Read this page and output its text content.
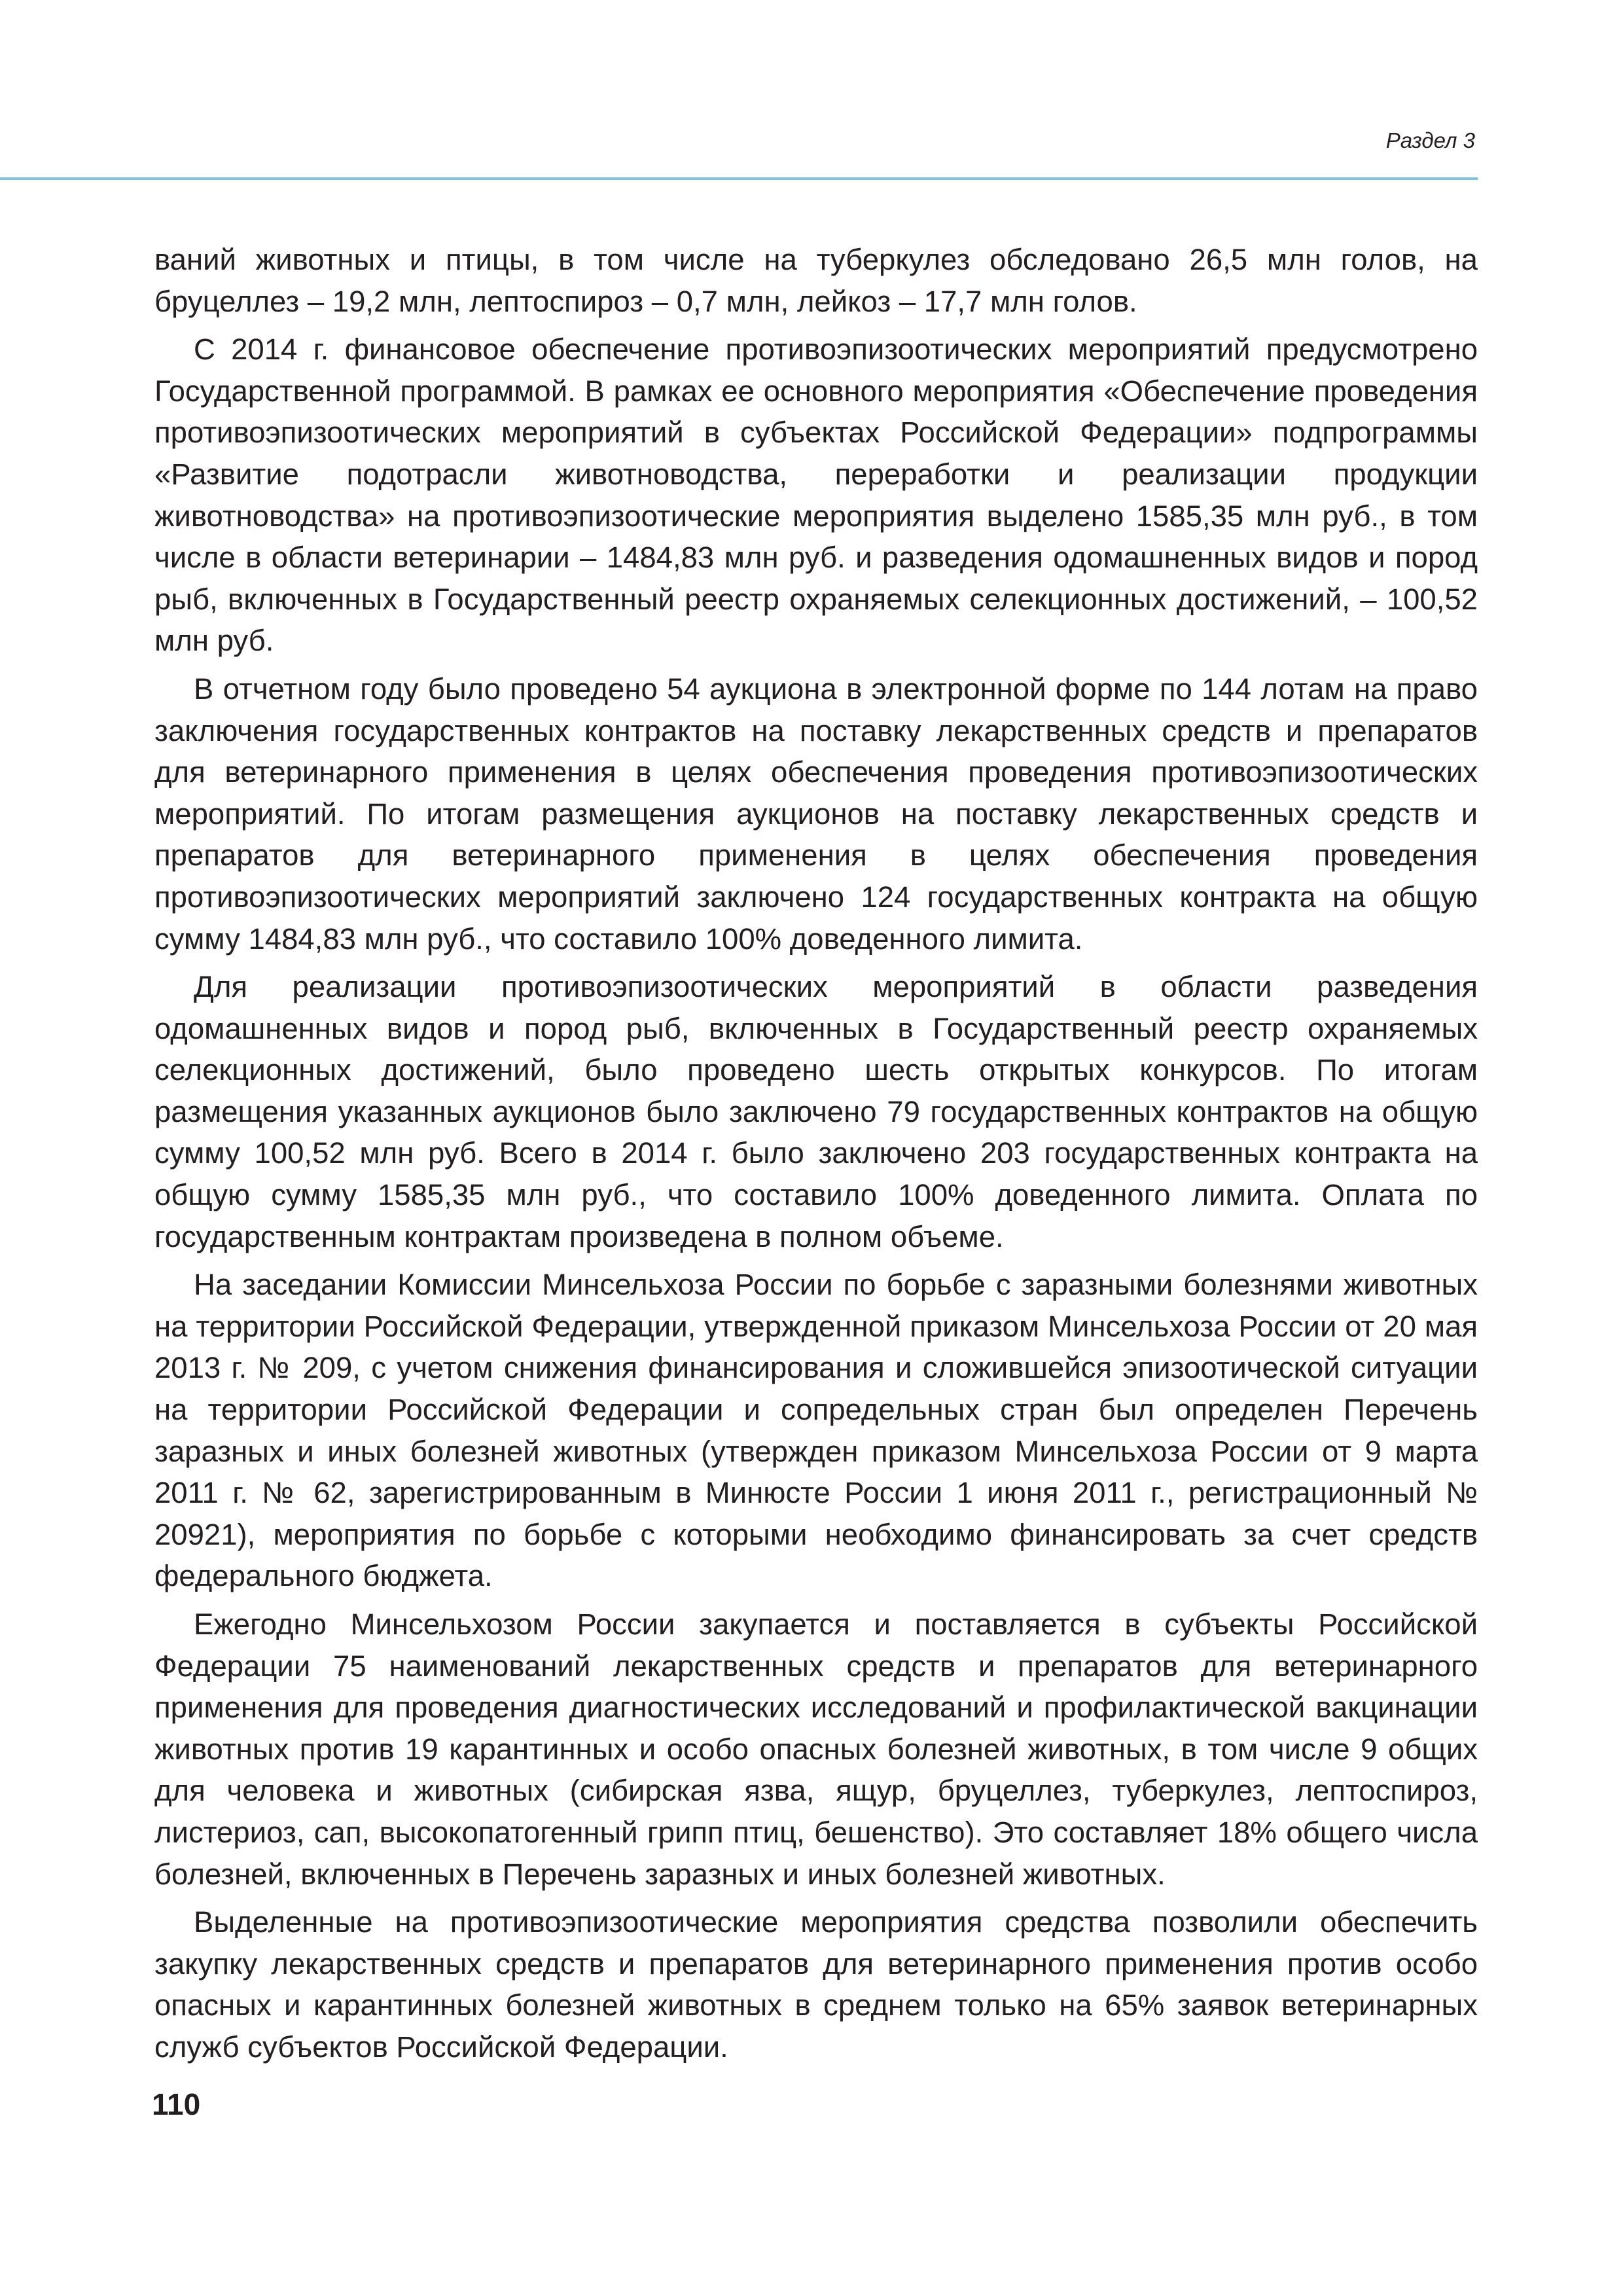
Раздел 3

ваний животных и птицы, в том числе на туберкулез обследовано 26,5 млн голов, на бруцеллез – 19,2 млн, лептоспироз – 0,7 млн, лейкоз – 17,7 млн голов.

С 2014 г. финансовое обеспечение противоэпизоотических мероприятий предусмотрено Государственной программой. В рамках ее основного мероприятия «Обеспечение проведения противоэпизоотических мероприятий в субъектах Российской Федерации» подпрограммы «Развитие подотрасли животноводства, переработки и реализации продукции животноводства» на противоэпизоотические мероприятия выделено 1585,35 млн руб., в том числе в области ветеринарии – 1484,83 млн руб. и разведения одомашненных видов и пород рыб, включенных в Государственный реестр охраняемых селекционных достижений, – 100,52 млн руб.

В отчетном году было проведено 54 аукциона в электронной форме по 144 лотам на право заключения государственных контрактов на поставку лекарственных средств и препаратов для ветеринарного применения в целях обеспечения проведения противоэпизоотических мероприятий. По итогам размещения аукционов на поставку лекарственных средств и препаратов для ветеринарного применения в целях обеспечения проведения противоэпизоотических мероприятий заключено 124 государственных контракта на общую сумму 1484,83 млн руб., что составило 100% доведенного лимита.

Для реализации противоэпизоотических мероприятий в области разведения одомашненных видов и пород рыб, включенных в Государственный реестр охраняемых селекционных достижений, было проведено шесть открытых конкурсов. По итогам размещения указанных аукционов было заключено 79 государственных контрактов на общую сумму 100,52 млн руб. Всего в 2014 г. было заключено 203 государственных контракта на общую сумму 1585,35 млн руб., что составило 100% доведенного лимита. Оплата по государственным контрактам произведена в полном объеме.

На заседании Комиссии Минсельхоза России по борьбе с заразными болезнями животных на территории Российской Федерации, утвержденной приказом Минсельхоза России от 20 мая 2013 г. № 209, с учетом снижения финансирования и сложившейся эпизоотической ситуации на территории Российской Федерации и сопредельных стран был определен Перечень заразных и иных болезней животных (утвержден приказом Минсельхоза России от 9 марта 2011 г. № 62, зарегистрированным в Минюсте России 1 июня 2011 г., регистрационный № 20921), мероприятия по борьбе с которыми необходимо финансировать за счет средств федерального бюджета.

Ежегодно Минсельхозом России закупается и поставляется в субъекты Российской Федерации 75 наименований лекарственных средств и препаратов для ветеринарного применения для проведения диагностических исследований и профилактической вакцинации животных против 19 карантинных и особо опасных болезней животных, в том числе 9 общих для человека и животных (сибирская язва, ящур, бруцеллез, туберкулез, лептоспироз, листериоз, сап, высокопатогенный грипп птиц, бешенство). Это составляет 18% общего числа болезней, включенных в Перечень заразных и иных болезней животных.

Выделенные на противоэпизоотические мероприятия средства позволили обеспечить закупку лекарственных средств и препаратов для ветеринарного применения против особо опасных и карантинных болезней животных в среднем только на 65% заявок ветеринарных служб субъектов Российской Федерации.

110
